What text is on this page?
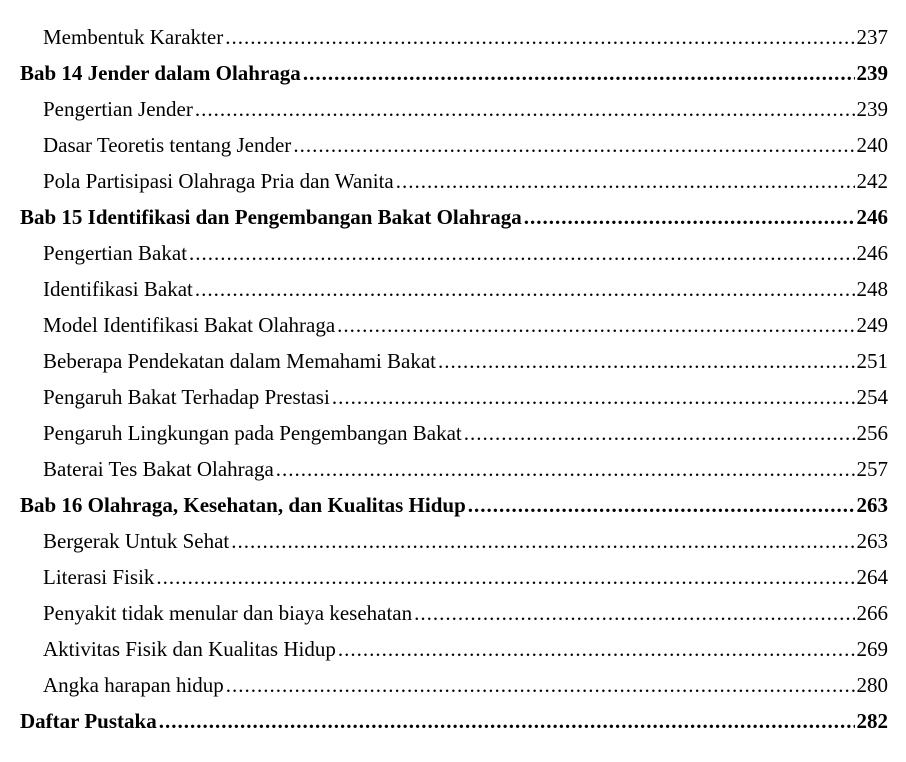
Membentuk Karakter .....	237
Bab 14 Jender dalam Olahraga .....	239
Pengertian Jender .....	239
Dasar Teoretis tentang Jender .....	240
Pola Partisipasi Olahraga Pria dan Wanita .....	242
Bab 15 Identifikasi dan Pengembangan Bakat Olahraga .....	246
Pengertian Bakat .....	246
Identifikasi Bakat .....	248
Model Identifikasi Bakat Olahraga .....	249
Beberapa Pendekatan dalam Memahami Bakat .....	251
Pengaruh Bakat Terhadap Prestasi .....	254
Pengaruh Lingkungan pada Pengembangan Bakat .....	256
Baterai Tes Bakat Olahraga .....	257
Bab 16 Olahraga, Kesehatan, dan Kualitas Hidup .....	263
Bergerak Untuk Sehat .....	263
Literasi Fisik .....	264
Penyakit tidak menular dan biaya kesehatan .....	266
Aktivitas Fisik dan Kualitas Hidup .....	269
Angka harapan hidup .....	280
Daftar Pustaka .....	282
